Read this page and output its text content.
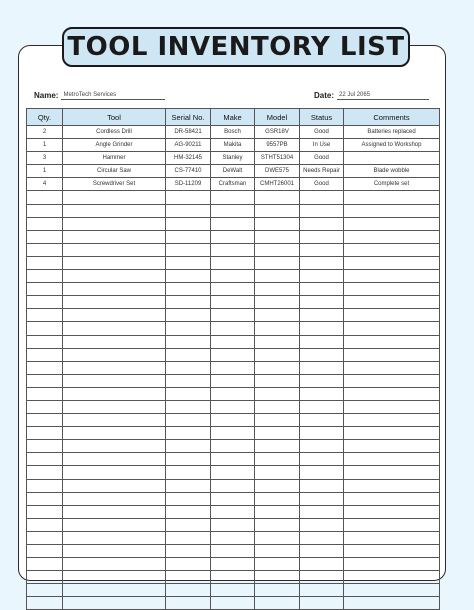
TOOL INVENTORY LIST
Name: MetroTech Services	Date: 22 Jul 2065
Qty.	Tool	Serial No.	Make	Model	Status	Comments
2	Cordless Drill	DR-58421	Bosch	GSR18V	Good	Batteries replaced
1	Angle Grinder	AG-90211	Makita	9557PB	In Use	Assigned to Workshop
3	Hammer	HM-32145	Stanley	STHT51304	Good	
1	Circular Saw	CS-77410	DeWalt	DWE575	Needs Repair	Blade wobble
4	Screwdriver Set	SD-11209	Craftsman	CMHT26001	Good	Complete set
